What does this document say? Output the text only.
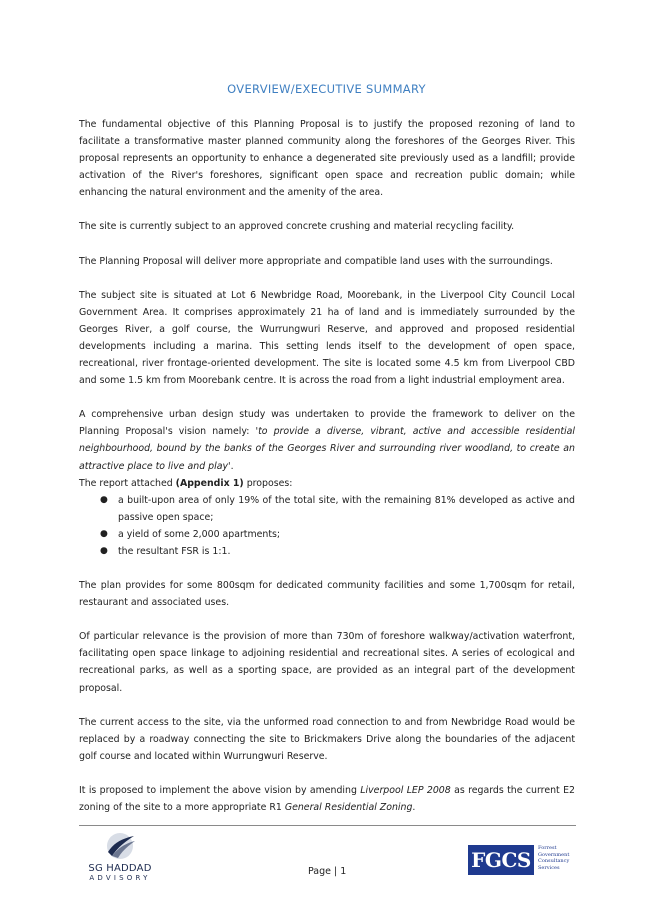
OVERVIEW/EXECUTIVE SUMMARY

The fundamental objective of this Planning Proposal is to justify the proposed rezoning of land to facilitate a transformative master planned community along the foreshores of the Georges River. This proposal represents an opportunity to enhance a degenerated site previously used as a landfill; provide activation of the River's foreshores, significant open space and recreation public domain; while enhancing the natural environment and the amenity of the area.

The site is currently subject to an approved concrete crushing and material recycling facility.

The Planning Proposal will deliver more appropriate and compatible land uses with the surroundings.

The subject site is situated at Lot 6 Newbridge Road, Moorebank, in the Liverpool City Council Local Government Area. It comprises approximately 21 ha of land and is immediately surrounded by the Georges River, a golf course, the Wurrungwuri Reserve, and approved and proposed residential developments including a marina. This setting lends itself to the development of open space, recreational, river frontage-oriented development. The site is located some 4.5 km from Liverpool CBD and some 1.5 km from Moorebank centre. It is across the road from a light industrial employment area.

A comprehensive urban design study was undertaken to provide the framework to deliver on the Planning Proposal's vision namely: 'to provide a diverse, vibrant, active and accessible residential neighbourhood, bound by the banks of the Georges River and surrounding river woodland, to create an attractive place to live and play'.

The report attached (Appendix 1) proposes:

● a built-upon area of only 19% of the total site, with the remaining 81% developed as active and passive open space;
● a yield of some 2,000 apartments;
● the resultant FSR is 1:1.

The plan provides for some 800sqm for dedicated community facilities and some 1,700sqm for retail, restaurant and associated uses.

Of particular relevance is the provision of more than 730m of foreshore walkway/activation waterfront, facilitating open space linkage to adjoining residential and recreational sites. A series of ecological and recreational parks, as well as a sporting space, are provided as an integral part of the development proposal.

The current access to the site, via the unformed road connection to and from Newbridge Road would be replaced by a roadway connecting the site to Brickmakers Drive along the boundaries of the adjacent golf course and located within Wurrungwuri Reserve.

It is proposed to implement the above vision by amending Liverpool LEP 2008 as regards the current E2 zoning of the site to a more appropriate R1 General Residential Zoning.

SG HADDAD
ADVISORY
Page | 1	FGCS	Forrest
Government
Consultancy
Services
